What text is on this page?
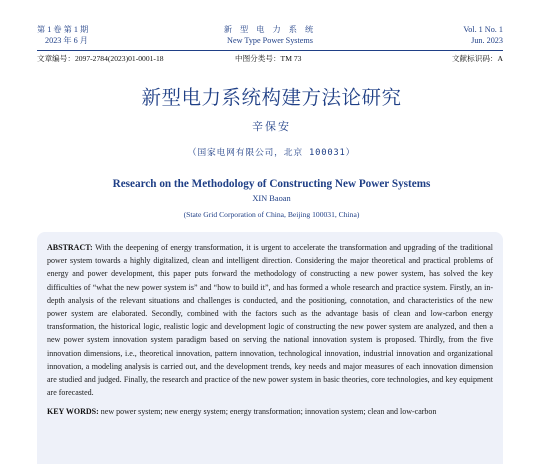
第 1 卷 第 1 期
2023 年 6 月
新 型 电 力 系 统
New Type Power Systems
Vol. 1 No. 1
Jun. 2023
文章编号：2097-2784(2023)01-0001-18	中图分类号：TM 73	文献标识码：A
新型电力系统构建方法论研究
辛保安
（国家电网有限公司，北京 100031）
Research on the Methodology of Constructing New Power Systems
XIN Baoan
(State Grid Corporation of China, Beijing 100031, China)

ABSTRACT: With the deepening of energy transformation, it is urgent to accelerate the transformation and upgrading of the traditional power system towards a highly digitalized, clean and intelligent direction. Considering the major theoretical and practical problems of energy and power development, this paper puts forward the methodology of constructing a new power system, has solved the key difficulties of “what the new power system is” and “how to build it”, and has formed a whole research and practice system. Firstly, an in-depth analysis of the relevant situations and challenges is conducted, and the positioning, connotation, and characteristics of the new power system are elaborated. Secondly, combined with the factors such as the advantage basis of clean and low-carbon energy transformation, the historical logic, realistic logic and development logic of constructing the new power system are analyzed, and then a new power system innovation system paradigm based on serving the national innovation system is proposed. Thirdly, from the five innovation dimensions, i.e., theoretical innovation, pattern innovation, technological innovation, industrial innovation and organizational innovation, a modeling analysis is carried out, and the development trends, key needs and major measures of each innovation dimension are studied and judged. Finally, the research and practice of the new power system in basic theories, core technologies, and key equipment are forecasted.

KEY WORDS: new power system; new energy system; energy transformation; innovation system; clean and low-carbon
